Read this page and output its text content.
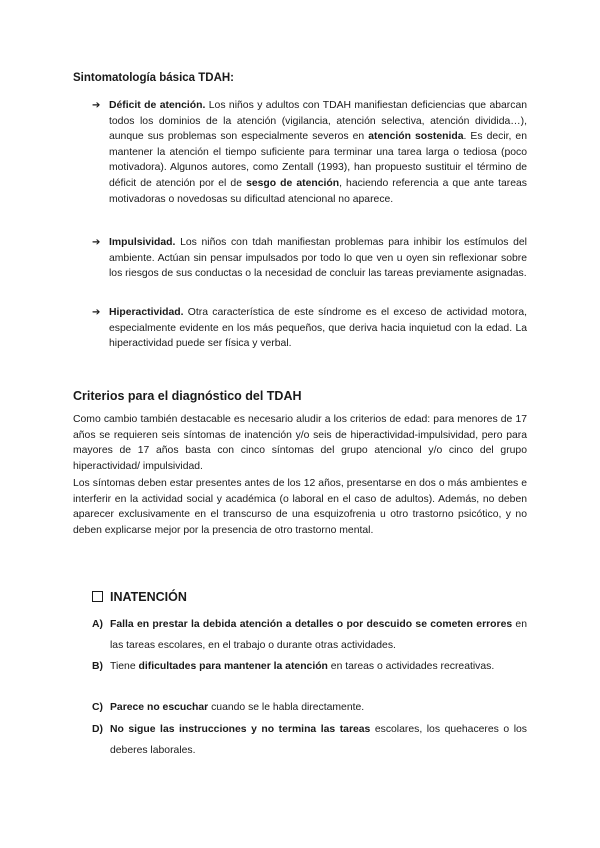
Sintomatología básica TDAH:
➔ Déficit de atención. Los niños y adultos con TDAH manifiestan deficiencias que abarcan todos los dominios de la atención (vigilancia, atención selectiva, atención dividida…), aunque sus problemas son especialmente severos en atención sostenida. Es decir, en mantener la atención el tiempo suficiente para terminar una tarea larga o tediosa (poco motivadora). Algunos autores, como Zentall (1993), han propuesto sustituir el término de déficit de atención por el de sesgo de atención, haciendo referencia a que ante tareas motivadoras o novedosas su dificultad atencional no aparece.
➔ Impulsividad. Los niños con tdah manifiestan problemas para inhibir los estímulos del ambiente. Actúan sin pensar impulsados por todo lo que ven u oyen sin reflexionar sobre los riesgos de sus conductas o la necesidad de concluir las tareas previamente asignadas.
➔ Hiperactividad. Otra característica de este síndrome es el exceso de actividad motora, especialmente evidente en los más pequeños, que deriva hacia inquietud con la edad. La hiperactividad puede ser física y verbal.
Criterios para el diagnóstico del TDAH
Como cambio también destacable es necesario aludir a los criterios de edad: para menores de 17 años se requieren seis síntomas de inatención y/o seis de hiperactividad-impulsividad, pero para mayores de 17 años basta con cinco síntomas del grupo atencional y/o cinco del grupo hiperactividad/ impulsividad.
Los síntomas deben estar presentes antes de los 12 años, presentarse en dos o más ambientes e interferir en la actividad social y académica (o laboral en el caso de adultos). Además, no deben aparecer exclusivamente en el transcurso de una esquizofrenia u otro trastorno psicótico, y no deben explicarse mejor por la presencia de otro trastorno mental.
INATENCIÓN
A) Falla en prestar la debida atención a detalles o por descuido se cometen errores en las tareas escolares, en el trabajo o durante otras actividades.
B) Tiene dificultades para mantener la atención en tareas o actividades recreativas.
C) Parece no escuchar cuando se le habla directamente.
D) No sigue las instrucciones y no termina las tareas escolares, los quehaceres o los deberes laborales.
